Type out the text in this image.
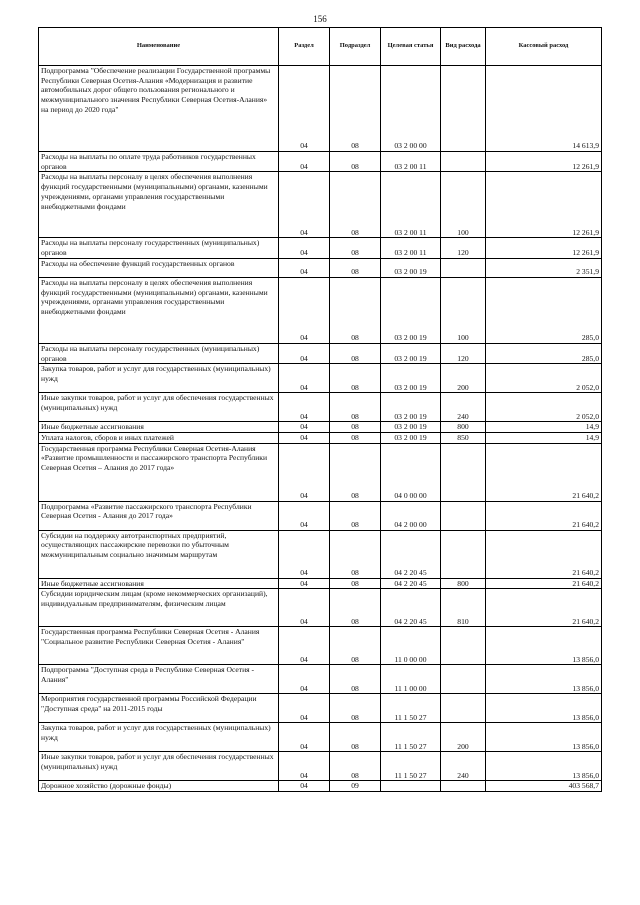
156
Наименование	Раздел	Подраздел	Целевая статья	Вид расхода	Кассовый расход
Подпрограмма "Обеспечение реализации Государственной программы Республики Северная Осетия-Алания «Модернизация и развитие автомобильных дорог общего пользования регионального и межмуниципального значения Республики Северная Осетия-Алания» на период до 2020 года"	04	08	03 2 00 00		14 613,9
Расходы на выплаты по оплате труда работников государственных органов	04	08	03 2 00 11		12 261,9
Расходы на выплаты персоналу в целях обеспечения выполнения функций государственными (муниципальными) органами, казенными учреждениями, органами управления государственными внебюджетными фондами	04	08	03 2 00 11	100	12 261,9
Расходы на выплаты персоналу государственных (муниципальных) органов	04	08	03 2 00 11	120	12 261,9
Расходы на обеспечение функций государственных органов	04	08	03 2 00 19		2 351,9
Расходы на выплаты персоналу в целях обеспечения выполнения функций государственными (муниципальными) органами, казенными учреждениями, органами управления государственными внебюджетными фондами	04	08	03 2 00 19	100	285,0
Расходы на выплаты персоналу государственных (муниципальных) органов	04	08	03 2 00 19	120	285,0
Закупка товаров, работ и услуг для государственных (муниципальных) нужд	04	08	03 2 00 19	200	2 052,0
Иные закупки товаров, работ и услуг для обеспечения государственных (муниципальных) нужд	04	08	03 2 00 19	240	2 052,0
Иные бюджетные ассигнования	04	08	03 2 00 19	800	14,9
Уплата налогов, сборов и иных платежей	04	08	03 2 00 19	850	14,9
Государственная программа Республики Северная Осетия-Алания «Развитие промышленности и пассажирского транспорта Республики Северная Осетия – Алания до 2017 года»	04	08	04 0 00 00		21 640,2
Подпрограмма «Развитие пассажирского транспорта Республики Северная Осетия - Алания до 2017 года»	04	08	04 2 00 00		21 640,2
Субсидии на поддержку автотранспортных предприятий, осуществляющих пассажирские перевозки по убыточным межмуниципальным социально значимым маршрутам	04	08	04 2 20 45		21 640,2
Иные бюджетные ассигнования	04	08	04 2 20 45	800	21 640,2
Субсидии юридическим лицам (кроме некоммерческих организаций), индивидуальным предпринимателям, физическим лицам	04	08	04 2 20 45	810	21 640,2
Государственная программа Республики Северная Осетия - Алания "Социальное развитие Республики Северная Осетия - Алания"	04	08	11 0 00 00		13 856,0
Подпрограмма "Доступная среда в Республике Северная Осетия - Алания"	04	08	11 1 00 00		13 856,0
Мероприятия государственной программы Российской Федерации "Доступная среда" на 2011-2015 годы	04	08	11 1 50 27		13 856,0
Закупка товаров, работ и услуг для государственных (муниципальных) нужд	04	08	11 1 50 27	200	13 856,0
Иные закупки товаров, работ и услуг для обеспечения государственных (муниципальных) нужд	04	08	11 1 50 27	240	13 856,0
Дорожное хозяйство (дорожные фонды)	04	09			403 568,7
